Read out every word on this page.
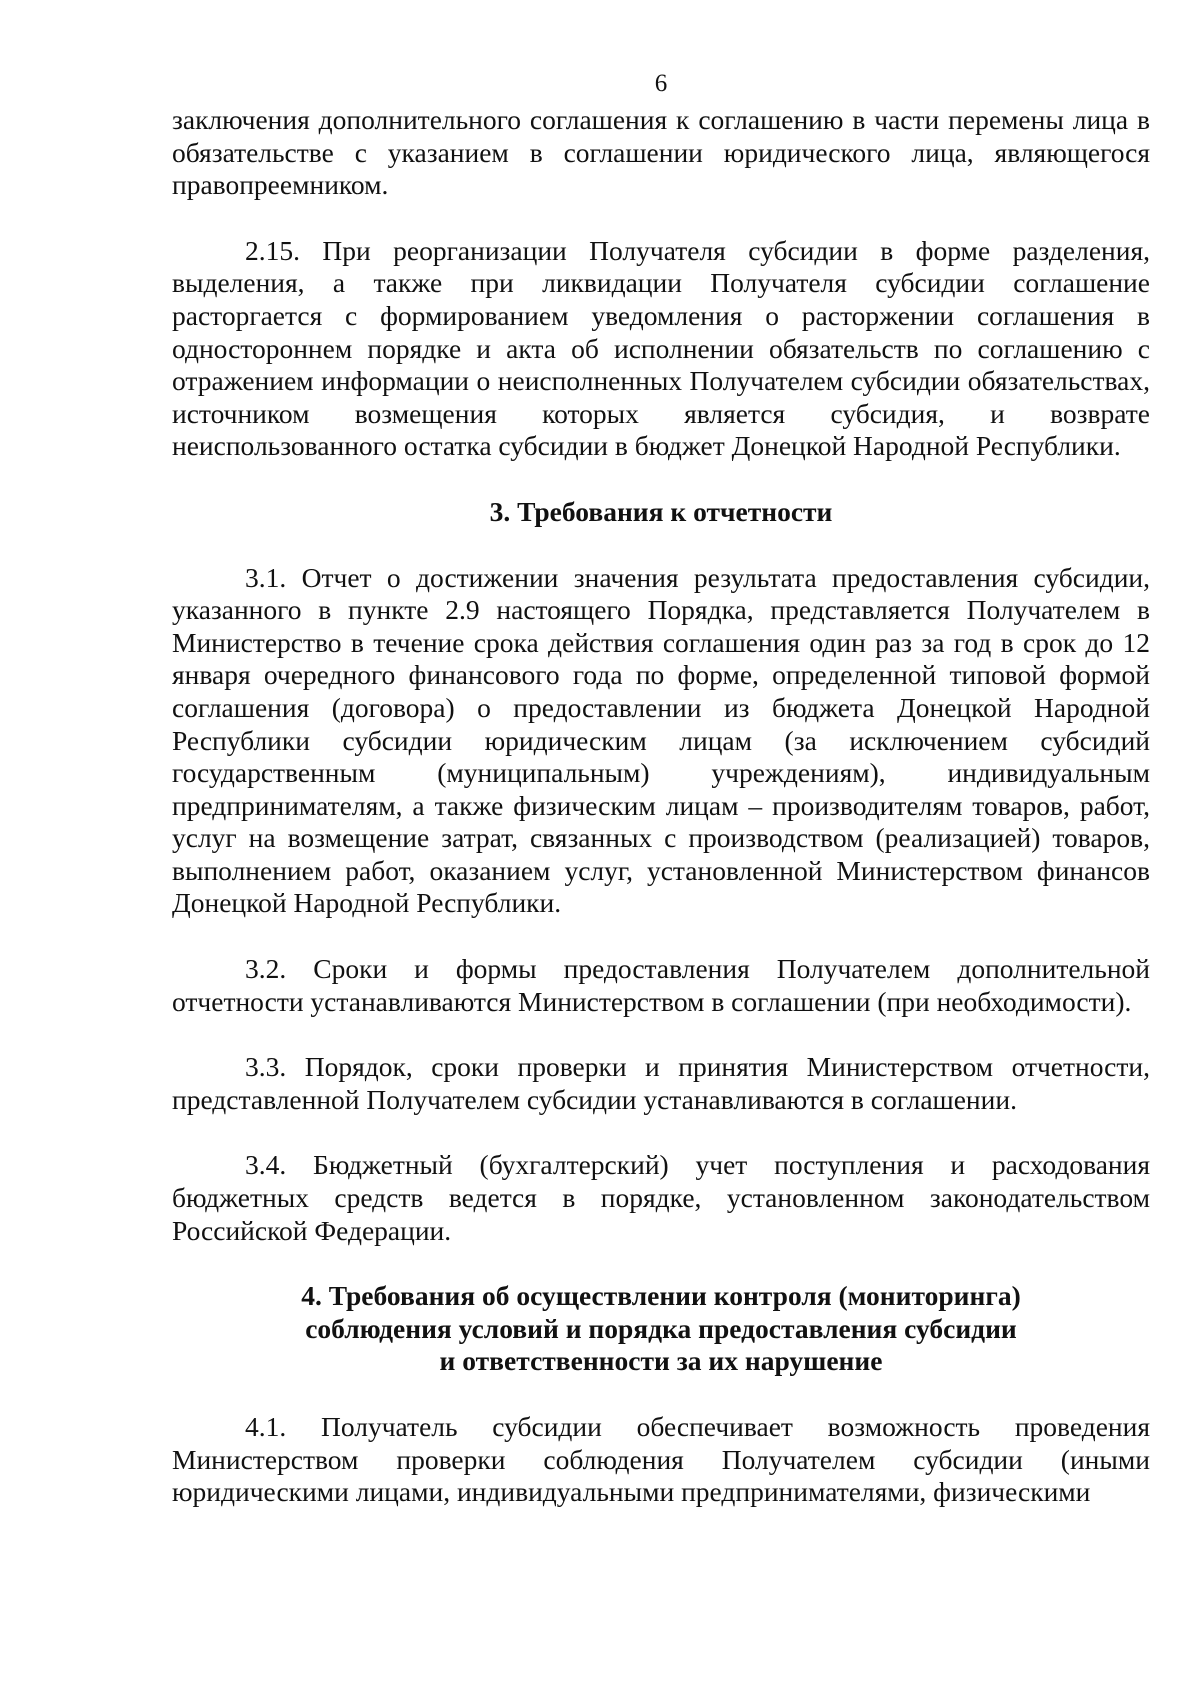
6

заключения дополнительного соглашения к соглашению в части перемены лица в обязательстве с указанием в соглашении юридического лица, являющегося правопреемником.

2.15. При реорганизации Получателя субсидии в форме разделения, выделения, а также при ликвидации Получателя субсидии соглашение расторгается с формированием уведомления о расторжении соглашения в одностороннем порядке и акта об исполнении обязательств по соглашению с отражением информации о неисполненных Получателем субсидии обязательствах, источником возмещения которых является субсидия, и возврате неиспользованного остатка субсидии в бюджет Донецкой Народной Республики.

3. Требования к отчетности

3.1. Отчет о достижении значения результата предоставления субсидии, указанного в пункте 2.9 настоящего Порядка, представляется Получателем в Министерство в течение срока действия соглашения один раз за год в срок до 12 января очередного финансового года по форме, определенной типовой формой соглашения (договора) о предоставлении из бюджета Донецкой Народной Республики субсидии юридическим лицам (за исключением субсидий государственным (муниципальным) учреждениям), индивидуальным предпринимателям, а также физическим лицам – производителям товаров, работ, услуг на возмещение затрат, связанных с производством (реализацией) товаров, выполнением работ, оказанием услуг, установленной Министерством финансов Донецкой Народной Республики.

3.2. Сроки и формы предоставления Получателем дополнительной отчетности устанавливаются Министерством в соглашении (при необходимости).

3.3. Порядок, сроки проверки и принятия Министерством отчетности, представленной Получателем субсидии устанавливаются в соглашении.

3.4. Бюджетный (бухгалтерский) учет поступления и расходования бюджетных средств ведется в порядке, установленном законодательством Российской Федерации.

4. Требования об осуществлении контроля (мониторинга)
соблюдения условий и порядка предоставления субсидии
и ответственности за их нарушение

4.1. Получатель субсидии обеспечивает возможность проведения Министерством проверки соблюдения Получателем субсидии (иными юридическими лицами, индивидуальными предпринимателями, физическими
